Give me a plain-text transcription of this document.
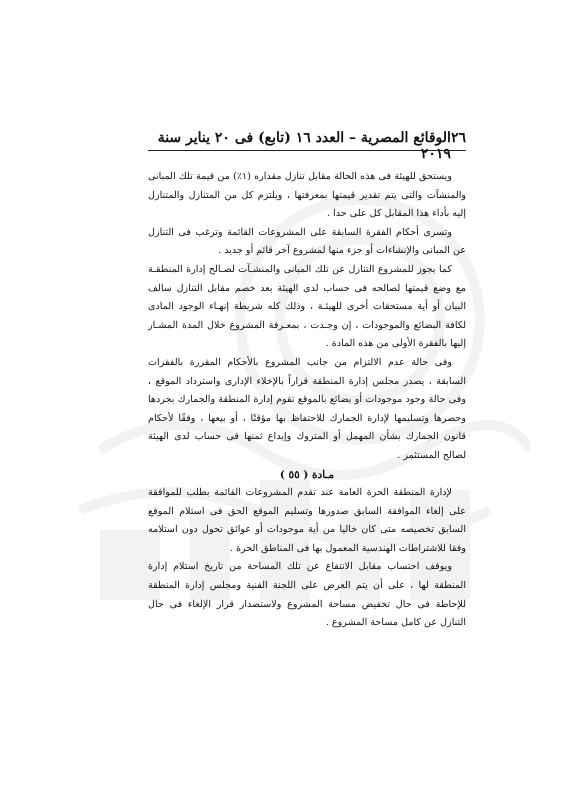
٢٦
الوقائع المصرية – العدد ١٦ (تابع) فى ٢٠ يناير سنة ٢٠١٩

ويستحق للهيئة فى هذه الحالة مقابل تنازل مقداره (١٪) من قيمة تلك المبانى والمنشآت والتى يتم تقدير قيمتها بمعرفتها ، ويلتزم كل من المتنازل والمتنازل إليه بأداء هذا المقابل كل على حدا .

وتسرى أحكام الفقرة السابقة على المشروعات القائمة وترغب فى التنازل عن المبانى والإنشاءات أو جزء منها لمشروع آخر قائم أو جديد .

كما يجوز للمشروع التنازل عن تلك المبانى والمنشـآت لصـالح إدارة المنطقـة مع وضع قيمتها لصالحه فى حساب لدى الهيئة بعد خصم مقابل التنازل سالف البيان أو أية مستحقات أخرى للهيئـة ، وذلك كله شريطة إنهـاء الوجود المادى لكافة البضائع والموجودات ، إن وجـدت ، بمعـرفة المشروع خلال المدة المشـار إليها بالفقرة الأولى من هذه المادة .

وفى حالة عدم الالتزام من جانب المشروع بالأحكام المقررة بالفقرات السابقة ، يصدر مجلس إدارة المنطقة قراراً بالإخلاء الإدارى واسترداد الموقع ، وفى حالة وجود موجودات أو بضائع بالموقع تقوم إدارة المنطقة والجمارك بجردها وحصرها وتسليمها لإدارة الجمارك للاحتفاظ بها مؤقتًا ، أو بيعها ، وفقًا لأحكام قانون الجمارك بشأن المهمل أو المتروك وإيداع ثمنها فى حساب لدى الهيئة لصالح المستثمر .

مـادة ( ٥٥ )

لإدارة المنطقة الحرة العامة عند تقدم المشروعات القائمة بطلب للموافقة على إلغاء الموافقة السابق صدورها وتسليم الموقع الحق فى استلام الموقع السابق تخصيصه متى كان خاليا من أية موجودات أو عوائق تحول دون استلامه وفقا للاشتراطات الهندسية المعمول بها فى المناطق الحرة .

ويوقف احتساب مقابل الانتفاع عن تلك المساحة من تاريخ استلام إدارة المنطقة لها ، على أن يتم العرض على اللجنة الفنية ومجلس إدارة المنطقة للإحاطة فى حال تخفيض مساحة المشروع ولاستصدار قرار الإلغاء فى حال التنازل عن كامل مساحة المشروع .
